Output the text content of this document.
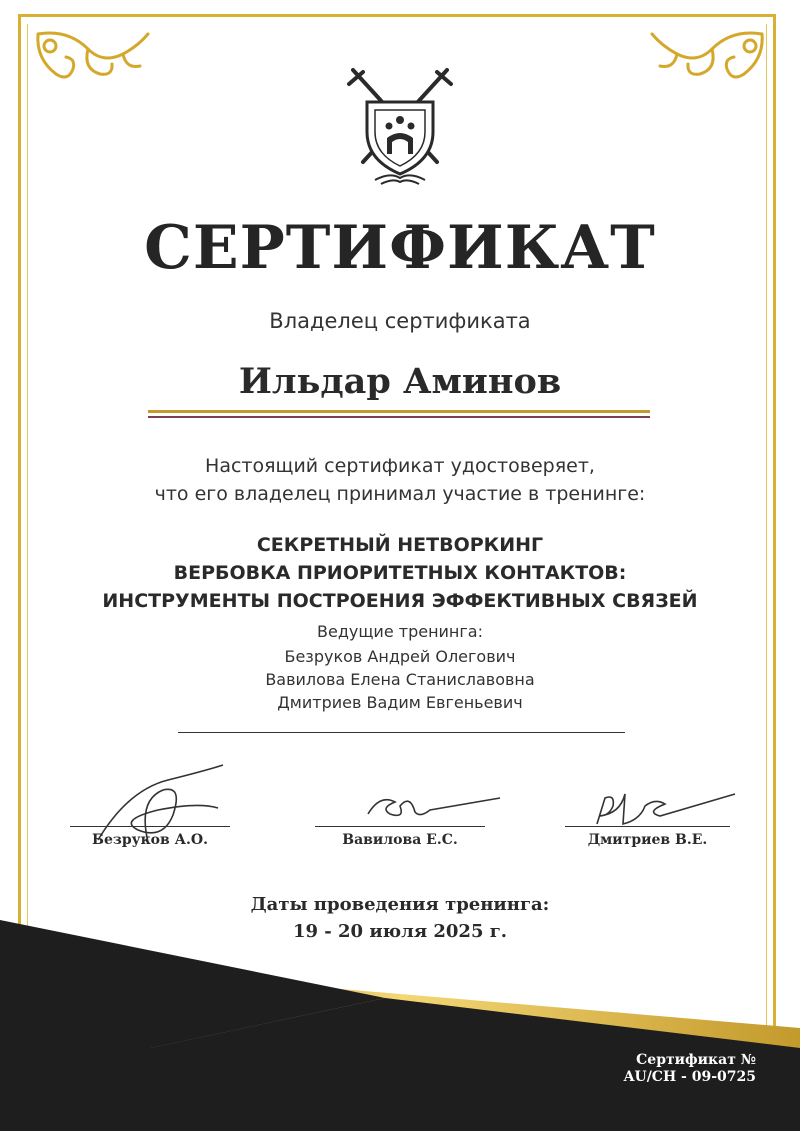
СЕРТИФИКАТ
Владелец сертификата
Ильдар Аминов
Настоящий сертификат удостоверяет,
что его владелец принимал участие в тренинге:
СЕКРЕТНЫЙ НЕТВОРКИНГ
ВЕРБОВКА ПРИОРИТЕТНЫХ КОНТАКТОВ:
ИНСТРУМЕНТЫ ПОСТРОЕНИЯ ЭФФЕКТИВНЫХ СВЯЗЕЙ
Ведущие тренинга:
Безруков Андрей Олегович
Вавилова Елена Станиславовна
Дмитриев Вадим Евгеньевич
Безруков А.О.	Вавилова Е.С.	Дмитриев В.Е.
Даты проведения тренинга:
19 - 20 июля 2025 г.
Сертификат №
AU/CH - 09-0725
